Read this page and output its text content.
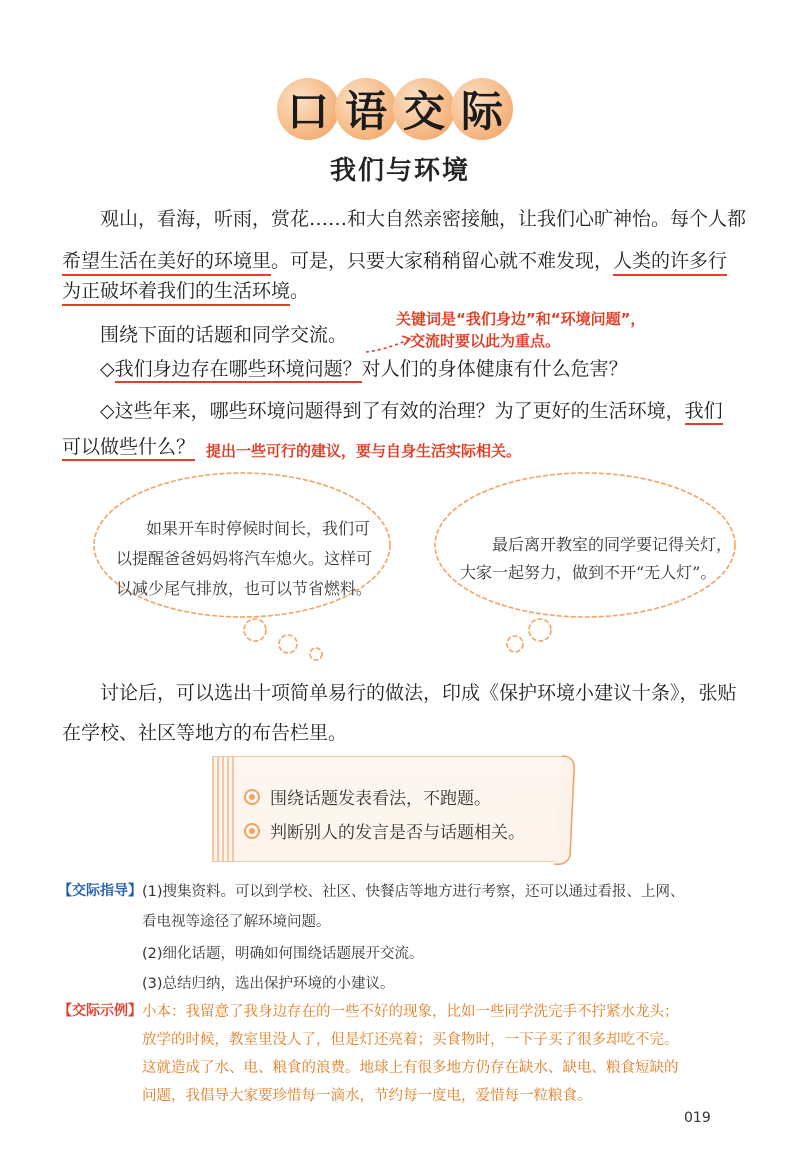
口 语 交 际
我们与环境
观山，看海，听雨，赏花……和大自然亲密接触，让我们心旷神怡。每个人都
希望生活在美好的环境里。可是，只要大家稍稍留心就不难发现，人类的许多行
为正破坏着我们的生活环境。
围绕下面的话题和同学交流。
关键词是“我们身边”和“环境问题”，
交流时要以此为重点。
◇我们身边存在哪些环境问题？对人们的身体健康有什么危害？
◇这些年来，哪些环境问题得到了有效的治理？为了更好的生活环境，我们
可以做些什么？ 提出一些可行的建议，要与自身生活实际相关。
如果开车时停候时间长，我们可
以提醒爸爸妈妈将汽车熄火。这样可
以减少尾气排放，也可以节省燃料。
最后离开教室的同学要记得关灯，
大家一起努力，做到不开“无人灯”。
讨论后，可以选出十项简单易行的做法，印成《保护环境小建议十条》，张贴
在学校、社区等地方的布告栏里。
围绕话题发表看法，不跑题。
判断别人的发言是否与话题相关。
【交际指导】 (1)搜集资料。可以到学校、社区、快餐店等地方进行考察，还可以通过看报、上网、
看电视等途径了解环境问题。
(2)细化话题，明确如何围绕话题展开交流。
(3)总结归纳，选出保护环境的小建议。
【交际示例】 小本：我留意了我身边存在的一些不好的现象，比如一些同学洗完手不拧紧水龙头；
放学的时候，教室里没人了，但是灯还亮着；买食物时，一下子买了很多却吃不完。
这就造成了水、电、粮食的浪费。地球上有很多地方仍存在缺水、缺电、粮食短缺的
问题，我倡导大家要珍惜每一滴水，节约每一度电，爱惜每一粒粮食。
019
